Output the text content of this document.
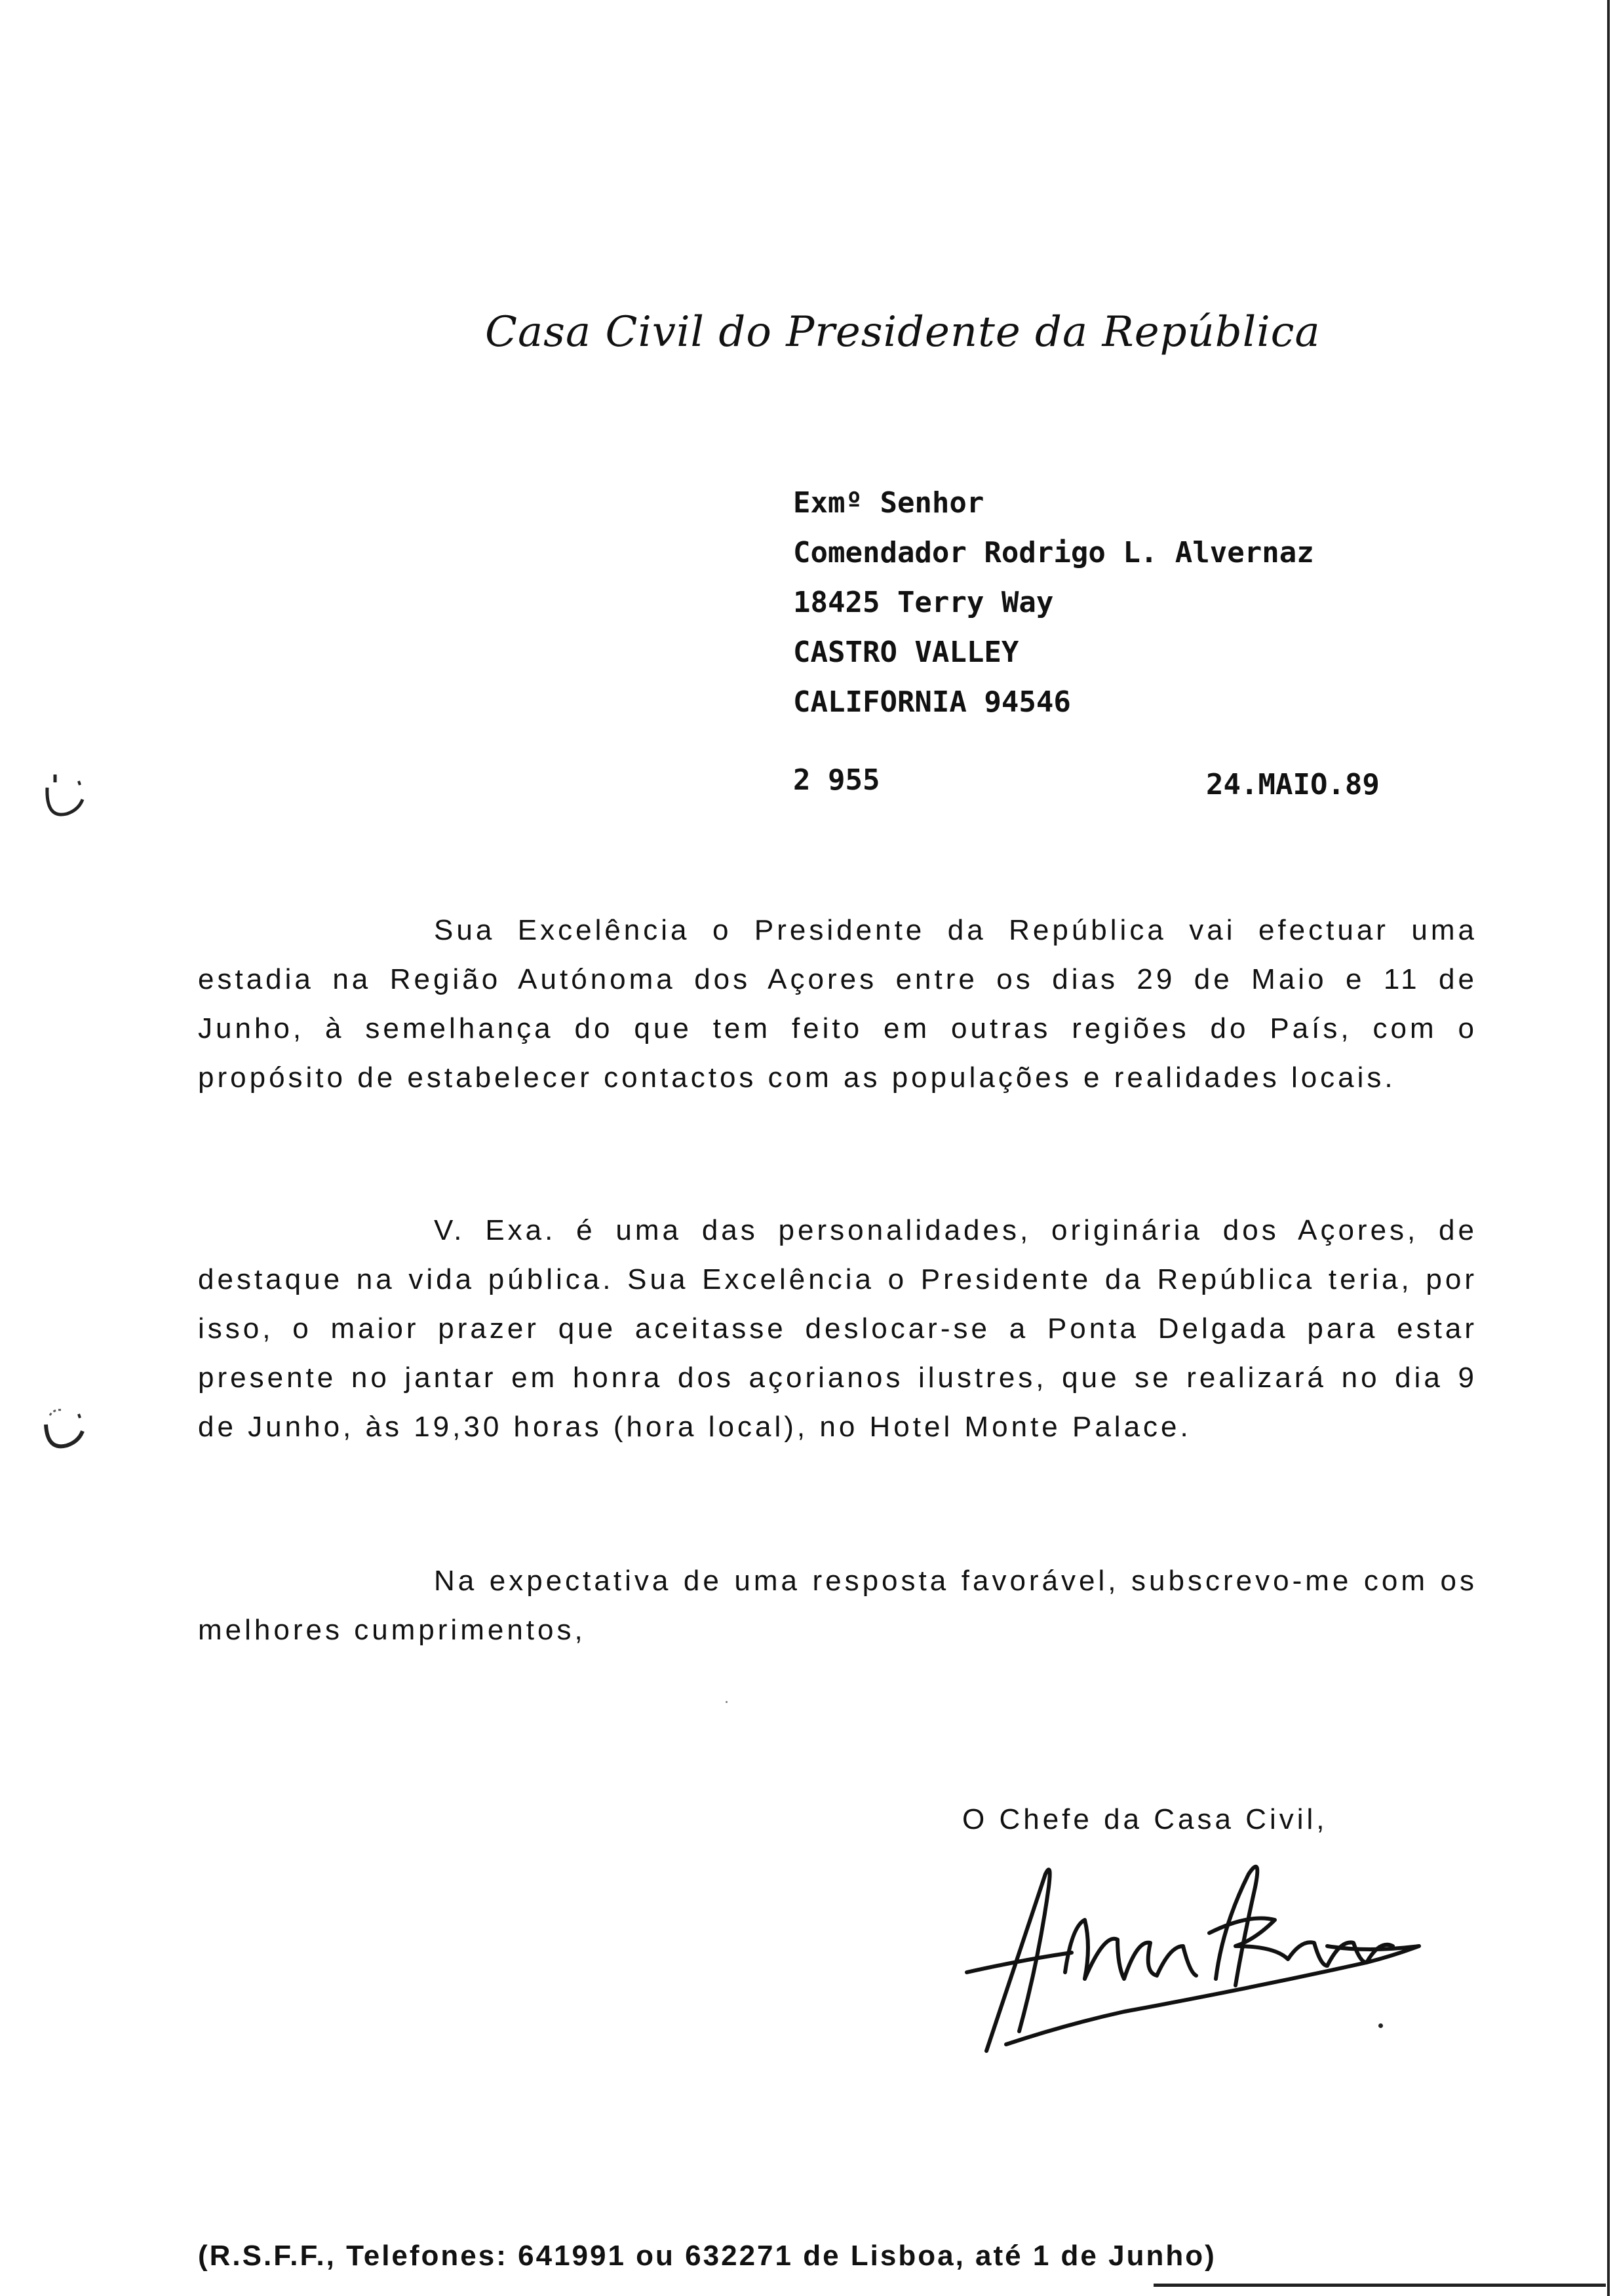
Casa Civil do Presidente da República
Exmº Senhor
Comendador Rodrigo L. Alvernaz
18425 Terry Way
CASTRO VALLEY
CALIFORNIA 94546
2 955	24.MAIO.89

Sua Excelência o Presidente da República vai efectuar uma estadia na Região Autónoma dos Açores entre os dias 29 de Maio e 11 de Junho, à semelhança do que tem feito em outras regiões do País, com o propósito de estabelecer contactos com as populações e realidades locais.

V. Exa. é uma das personalidades, originária dos Açores, de destaque na vida pública. Sua Excelência o Presidente da República teria, por isso, o maior prazer que aceitasse deslocar-se a Ponta Delgada para estar presente no jantar em honra dos açorianos ilustres, que se realizará no dia 9 de Junho, às 19,30 horas (hora local), no Hotel Monte Palace.

Na expectativa de uma resposta favorável, subscrevo-me com os melhores cumprimentos,

O Chefe da Casa Civil,
(R.S.F.F., Telefones: 641991 ou 632271 de Lisboa, até 1 de Junho)
